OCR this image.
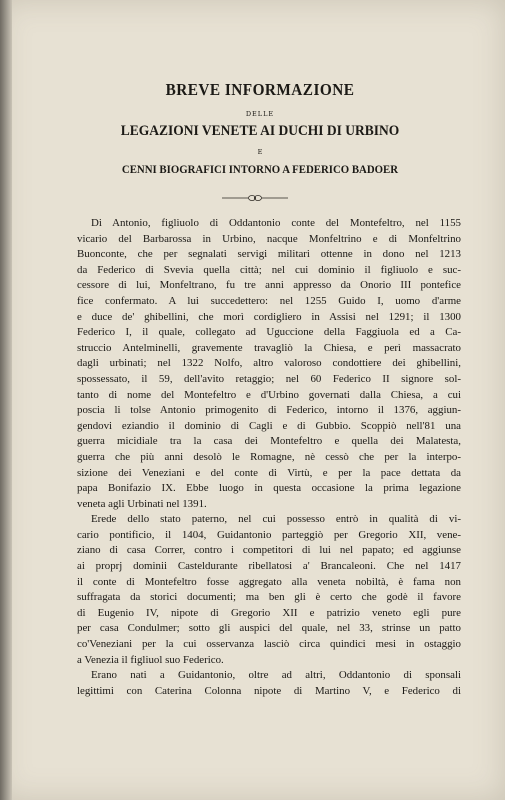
BREVE INFORMAZIONE
DELLE
LEGAZIONI VENETE AI DUCHI DI URBINO
E
CENNI BIOGRAFICI INTORNO A FEDERICO BADOER
Di Antonio, figliuolo di Oddantonio conte del Montefeltro, nel 1155
vicario del Barbarossa in Urbino, nacque Monfeltrino e di Monfeltrino
Buonconte, che per segnalati servigi militari ottenne in dono nel 1213
da Federico di Svevia quella città; nel cui dominio il figliuolo e suc-
cessore di lui, Monfeltrano, fu tre anni appresso da Onorio III pontefice
fice confermato. A lui succedettero: nel 1255 Guido I, uomo d'arme
e duce de' ghibellini, che morì cordigliero in Assisi nel 1291; il 1300
Federico I, il quale, collegato ad Uguccione della Faggiuola ed a Ca-
struccio Antelminelli, gravemente travagliò la Chiesa, e perì massacrato
dagli urbinati; nel 1322 Nolfo, altro valoroso condottiere dei ghibellini,
spossessato, il 59, dell'avito retaggio; nel 60 Federico II signore sol-
tanto di nome del Montefeltro e d'Urbino governati dalla Chiesa, a cui
poscia li tolse Antonio primogenito di Federico, intorno il 1376, aggiun-
gendovi eziandio il dominio di Cagli e di Gubbio. Scoppiò nell'81 una
guerra micidiale tra la casa dei Montefeltro e quella dei Malatesta,
guerra che più anni desolò le Romagne, nè cessò che per la interpo-
sizione dei Veneziani e del conte di Virtù, e per la pace dettata da
papa Bonifazio IX. Ebbe luogo in questa occasione la prima legazione
veneta agli Urbinati nel 1391.
Erede dello stato paterno, nel cui possesso entrò in qualità di vi-
cario pontificio, il 1404, Guidantonio parteggiò per Gregorio XII, vene-
ziano di casa Correr, contro i competitori di lui nel papato; ed aggiunse
ai proprj dominii Casteldurante ribellatosi a' Brancaleoni. Che nel 1417
il conte di Montefeltro fosse aggregato alla veneta nobiltà, è fama non
suffragata da storici documenti; ma ben gli è certo che godè il favore
di Eugenio IV, nipote di Gregorio XII e patrizio veneto egli pure
per casa Condulmer; sotto gli auspici del quale, nel 33, strinse un patto
co'Veneziani per la cui osservanza lasciò circa quindici mesi in ostaggio
a Venezia il figliuol suo Federico.
Erano nati a Guidantonio, oltre ad altri, Oddantonio di sponsali
legittimi con Caterina Colonna nipote di Martino V, e Federico di
